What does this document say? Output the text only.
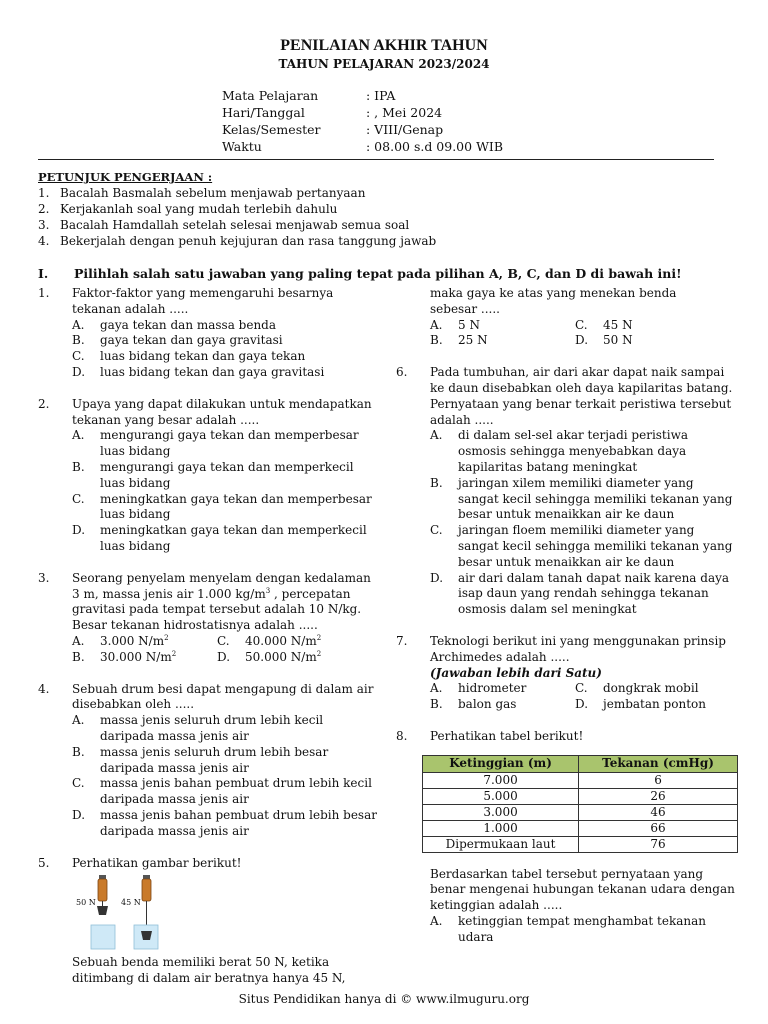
PENILAIAN AKHIR TAHUN
TAHUN PELAJARAN 2023/2024
Mata Pelajaran	: IPA
Hari/Tanggal	: , Mei 2024
Kelas/Semester	: VIII/Genap
Waktu	: 08.00 s.d 09.00 WIB
PETUNJUK PENGERJAAN :
1. Bacalah Basmalah sebelum menjawab pertanyaan
2. Kerjakanlah soal yang mudah terlebih dahulu
3. Bacalah Hamdallah setelah selesai menjawab semua soal
4. Bekerjalah dengan penuh kejujuran dan rasa tanggung jawab
I.	Pilihlah salah satu jawaban yang paling tepat pada pilihan A, B, C, dan D di bawah ini!
1.	Faktor-faktor yang memengaruhi besarnya
tekanan adalah .....
A.	gaya tekan dan massa benda
B.	gaya tekan dan gaya gravitasi
C.	luas bidang tekan dan gaya tekan
D.	luas bidang tekan dan gaya gravitasi
2.	Upaya yang dapat dilakukan untuk mendapatkan
tekanan yang besar adalah .....
A.	mengurangi gaya tekan dan memperbesar
luas bidang
B.	mengurangi gaya tekan dan memperkecil
luas bidang
C.	meningkatkan gaya tekan dan memperbesar
luas bidang
D.	meningkatkan gaya tekan dan memperkecil
luas bidang
3.	Seorang penyelam menyelam dengan kedalaman
3 m, massa jenis air 1.000 $kg/m^3$ , percepatan
gravitasi pada tempat tersebut adalah 10 N/kg.
Besar tekanan hidrostatisnya adalah .....
A.	3.000 $N/m^2$	C.	40.000 $N/m^2$
B.	30.000 $N/m^2$	D.	50.000 $N/m^2$
4.	Sebuah drum besi dapat mengapung di dalam air
disebabkan oleh .....
A.	massa jenis seluruh drum lebih kecil
daripada massa jenis air
B.	massa jenis seluruh drum lebih besar
daripada massa jenis air
C.	massa jenis bahan pembuat drum lebih kecil
daripada massa jenis air
D.	massa jenis bahan pembuat drum lebih besar
daripada massa jenis air
5.	Perhatikan gambar berikut!
50 N	45 N
Sebuah benda memiliki berat 50 N, ketika
ditimbang di dalam air beratnya hanya 45 N,
maka gaya ke atas yang menekan benda
sebesar .....
A.	5 N	C.	45 N
B.	25 N	D.	50 N
6.	Pada tumbuhan, air dari akar dapat naik sampai
ke daun disebabkan oleh daya kapilaritas batang.
Pernyataan yang benar terkait peristiwa tersebut
adalah .....
A.	di dalam sel-sel akar terjadi peristiwa
osmosis sehingga menyebabkan daya
kapilaritas batang meningkat
B.	jaringan xilem memiliki diameter yang
sangat kecil sehingga memiliki tekanan yang
besar untuk menaikkan air ke daun
C.	jaringan floem memiliki diameter yang
sangat kecil sehingga memiliki tekanan yang
besar untuk menaikkan air ke daun
D.	air dari dalam tanah dapat naik karena daya
isap daun yang rendah sehingga tekanan
osmosis dalam sel meningkat
7.	Teknologi berikut ini yang menggunakan prinsip
Archimedes adalah .....
(Jawaban lebih dari Satu)
A.	hidrometer	C.	dongkrak mobil
B.	balon gas	D.	jembatan ponton
8.	Perhatikan tabel berikut!
Ketinggian (m)	Tekanan (cmHg)
7.000	6
5.000	26
3.000	46
1.000	66
Dipermukaan laut	76
Berdasarkan tabel tersebut pernyataan yang
benar mengenai hubungan tekanan udara dengan
ketinggian adalah .....
A.	ketinggian tempat menghambat tekanan
udara
Situs Pendidikan hanya di © www.ilmuguru.org
